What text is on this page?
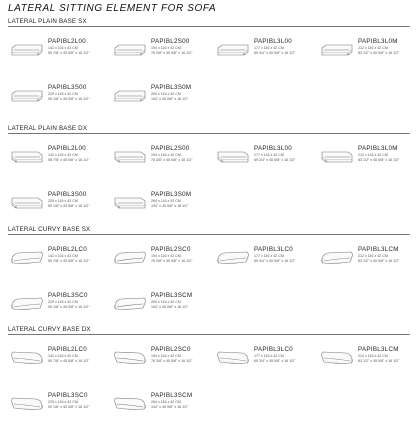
LATERAL SITTING ELEMENT FOR SOFA
LATERAL PLAIN BASE SX
PAPIBL2L00
142 x 116 x 42 CM
55 7/8" x 45 5/8" x 16 1/2"
PAPIBL2S00
194 x 116 x 42 CM
76 3/8" x 45 5/8" x 16 1/2"
PAPIBL3L00
177 x 116 x 42 CM
69 3/4" x 45 5/8" x 16 1/2"
PAPIBL3L0M
212 x 116 x 42 CM
83 1/2" x 45 5/8" x 16 1/2"
PAPIBL3S00
229 x 116 x 42 CM
90 1/8" x 45 5/8" x 16 1/2"
PAPIBL3S0M
264 x 116 x 42 CM
104" x 45 5/8" x 16 1/2"
LATERAL PLAIN BASE DX
PAPIBL2L00
142 x 116 x 42 CM
55 7/8" x 45 5/8" x 16 1/2"
PAPIBL2S00
194 x 116 x 42 CM
76 3/8" x 45 5/8" x 16 1/2"
PAPIBL3L00
177 x 116 x 42 CM
69 3/4" x 45 5/8" x 16 1/2"
PAPIBL3L0M
212 x 116 x 42 CM
83 1/2" x 45 5/8" x 16 1/2"
PAPIBL3S00
229 x 116 x 42 CM
90 1/8" x 45 5/8" x 16 1/2"
PAPIBL3S0M
264 x 116 x 42 CM
104" x 45 5/8" x 16 1/2"
LATERAL CURVY BASE SX
PAPIBL2LC0
142 x 116 x 42 CM
55 7/8" x 45 5/8" x 16 1/2"
PAPIBL2SC0
194 x 116 x 42 CM
76 3/8" x 45 5/8" x 16 1/2"
PAPIBL3LC0
177 x 116 x 42 CM
69 3/4" x 45 5/8" x 16 1/2"
PAPIBL3LCM
212 x 116 x 42 CM
83 1/2" x 45 5/8" x 16 1/2"
PAPIBL3SC0
229 x 116 x 42 CM
90 1/8" x 45 5/8" x 16 1/2"
PAPIBL3SCM
264 x 116 x 42 CM
104" x 45 5/8" x 16 1/2"
LATERAL CURVY BASE DX
PAPIBL2LC0
142 x 116 x 42 CM
55 7/8" x 45 5/8" x 16 1/2"
PAPIBL2SC0
194 x 116 x 42 CM
76 3/8" x 45 5/8" x 16 1/2"
PAPIBL3LC0
177 x 116 x 42 CM
69 3/4" x 45 5/8" x 16 1/2"
PAPIBL3LCM
212 x 116 x 42 CM
83 1/2" x 45 5/8" x 16 1/2"
PAPIBL3SC0
229 x 116 x 42 CM
90 1/8" x 45 5/8" x 16 1/2"
PAPIBL3SCM
264 x 116 x 42 CM
104" x 45 5/8" x 16 1/2"
